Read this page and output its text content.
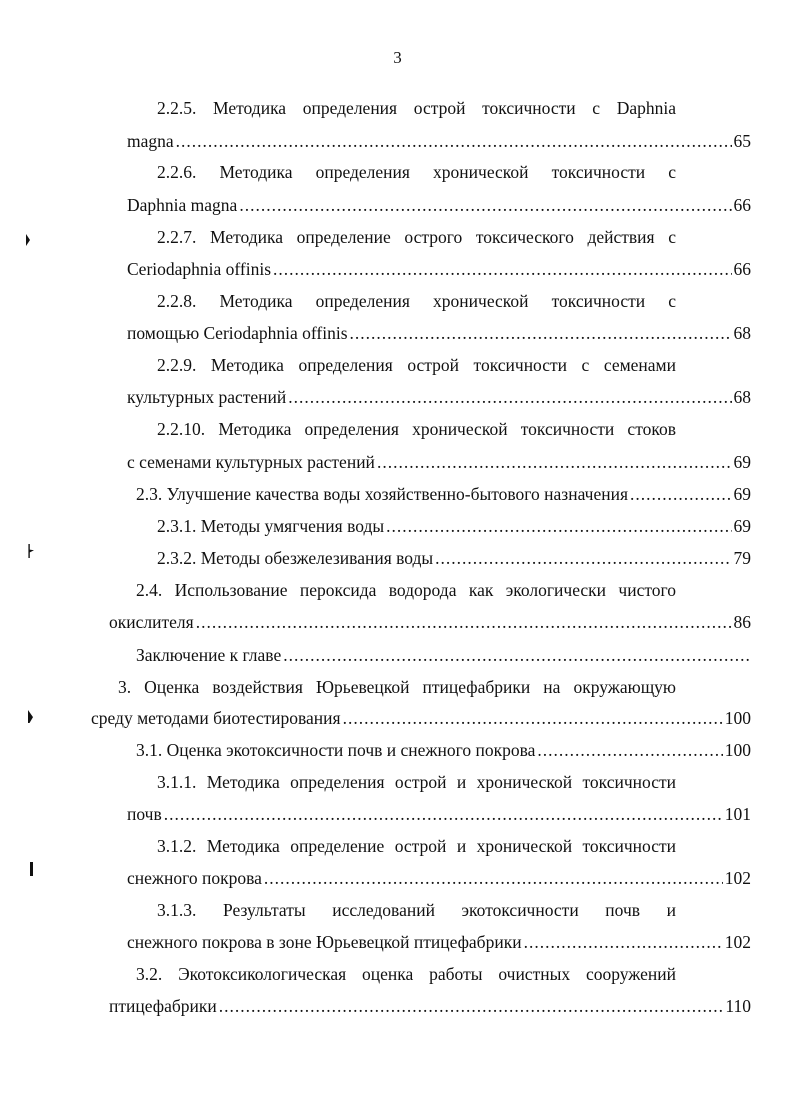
3
2.2.5. Методика определения острой токсичности с Daphnia
magna .....	65
2.2.6. Методика определения хронической токсичности с
Daphnia magna .....	66
2.2.7. Методика определение острого токсического действия с
Ceriodaphnia offinis .....	66
2.2.8. Методика определения хронической токсичности с
помощью Ceriodaphnia offinis .....	68
2.2.9. Методика определения острой токсичности с семенами
культурных растений .....	68
2.2.10. Методика определения хронической токсичности стоков
с семенами культурных растений .....	69
2.3. Улучшение качества воды хозяйственно-бытового назначения .....	69
2.3.1. Методы умягчения воды .....	69
2.3.2. Методы обезжелезивания воды .....	79
2.4. Использование пероксида водорода как экологически чистого
окислителя .....	86
Заключение к главе
.....
3. Оценка воздействия Юрьевецкой птицефабрики на окружающую
среду методами биотестирования .....	100
3.1. Оценка экотоксичности почв и снежного покрова .....	100
3.1.1. Методика определения острой и хронической токсичности
почв .....	101
3.1.2. Методика определение острой и хронической токсичности
снежного покрова .....	102
3.1.3. Результаты исследований экотоксичности почв и
снежного покрова в зоне Юрьевецкой птицефабрики .....	102
3.2. Экотоксикологическая оценка работы очистных сооружений
птицефабрики .....	110
